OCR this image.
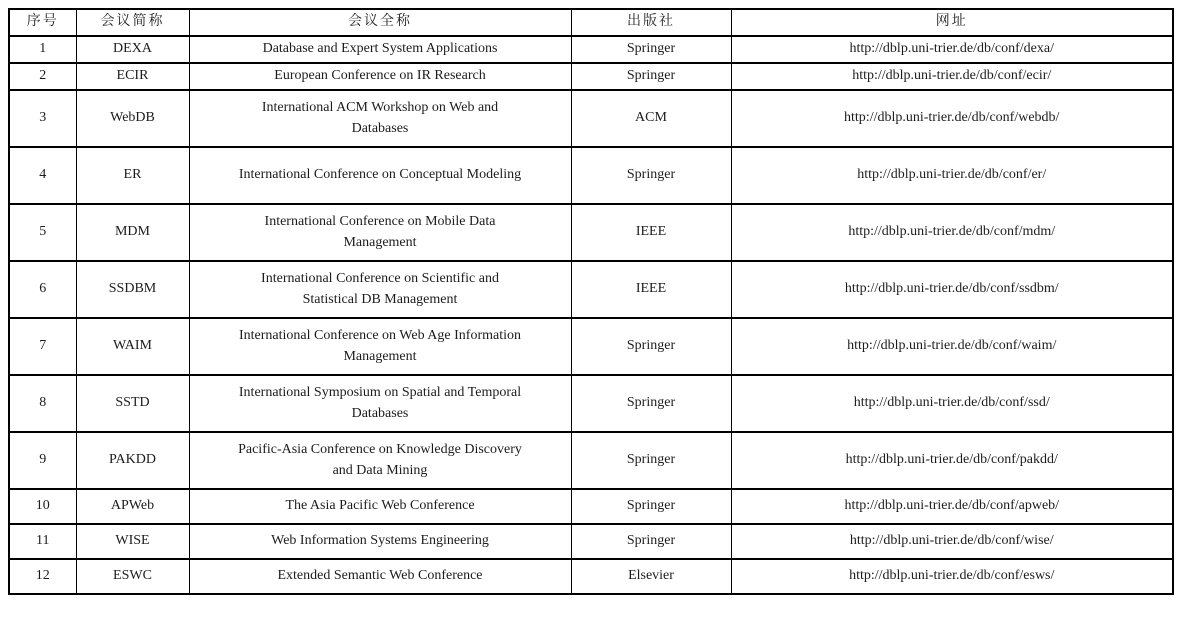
序号	会议简称	会议全称	出版社	网址
1	DEXA	Database and Expert System Applications	Springer	http://dblp.uni-trier.de/db/conf/dexa/
2	ECIR	European Conference on IR Research	Springer	http://dblp.uni-trier.de/db/conf/ecir/
3	WebDB	International ACM Workshop on Web and Databases	ACM	http://dblp.uni-trier.de/db/conf/webdb/
4	ER	International Conference on Conceptual Modeling	Springer	http://dblp.uni-trier.de/db/conf/er/
5	MDM	International Conference on Mobile Data Management	IEEE	http://dblp.uni-trier.de/db/conf/mdm/
6	SSDBM	International Conference on Scientific and Statistical DB Management	IEEE	http://dblp.uni-trier.de/db/conf/ssdbm/
7	WAIM	International Conference on Web Age Information Management	Springer	http://dblp.uni-trier.de/db/conf/waim/
8	SSTD	International Symposium on Spatial and Temporal Databases	Springer	http://dblp.uni-trier.de/db/conf/ssd/
9	PAKDD	Pacific-Asia Conference on Knowledge Discovery and Data Mining	Springer	http://dblp.uni-trier.de/db/conf/pakdd/
10	APWeb	The Asia Pacific Web Conference	Springer	http://dblp.uni-trier.de/db/conf/apweb/
11	WISE	Web Information Systems Engineering	Springer	http://dblp.uni-trier.de/db/conf/wise/
12	ESWC	Extended Semantic Web Conference	Elsevier	http://dblp.uni-trier.de/db/conf/esws/
